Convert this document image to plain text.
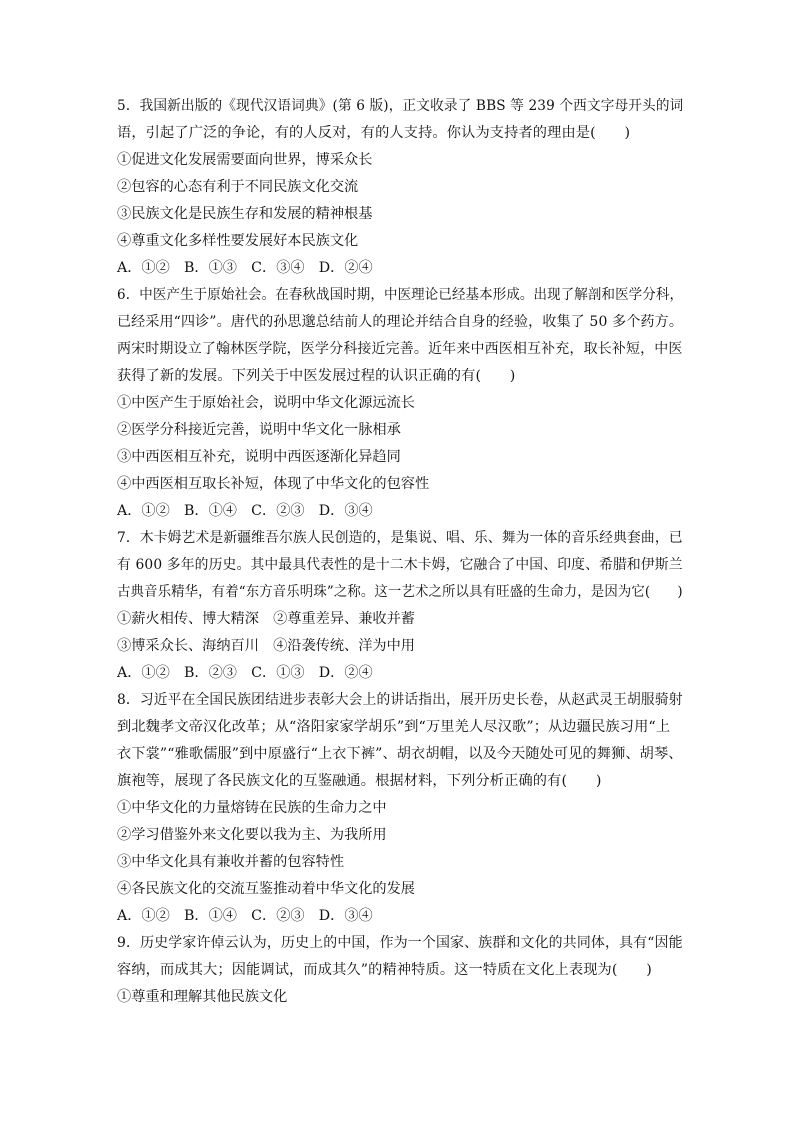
5．我国新出版的《现代汉语词典》(第 6 版)，正文收录了 BBS 等 239 个西文字母开头的词
语，引起了广泛的争论，有的人反对，有的人支持。你认为支持者的理由是(　　)
①促进文化发展需要面向世界，博采众长
②包容的心态有利于不同民族文化交流
③民族文化是民族生存和发展的精神根基
④尊重文化多样性要发展好本民族文化
A．①②　B．①③　C．③④　D．②④
6．中医产生于原始社会。在春秋战国时期，中医理论已经基本形成。出现了解剖和医学分科，
已经采用“四诊”。唐代的孙思邈总结前人的理论并结合自身的经验，收集了 50 多个药方。
两宋时期设立了翰林医学院，医学分科接近完善。近年来中西医相互补充，取长补短，中医
获得了新的发展。下列关于中医发展过程的认识正确的有(　　)
①中医产生于原始社会，说明中华文化源远流长
②医学分科接近完善，说明中华文化一脉相承
③中西医相互补充，说明中西医逐渐化异趋同
④中西医相互取长补短，体现了中华文化的包容性
A．①②　B．①④　C．②③　D．③④
7．木卡姆艺术是新疆维吾尔族人民创造的，是集说、唱、乐、舞为一体的音乐经典套曲，已
有 600 多年的历史。其中最具代表性的是十二木卡姆，它融合了中国、印度、希腊和伊斯兰
古典音乐精华，有着“东方音乐明珠”之称。这一艺术之所以具有旺盛的生命力，是因为它(　　)
①薪火相传、博大精深　②尊重差异、兼收并蓄
③博采众长、海纳百川　④沿袭传统、洋为中用
A．①②　B．②③　C．①③　D．②④
8．习近平在全国民族团结进步表彰大会上的讲话指出，展开历史长卷，从赵武灵王胡服骑射
到北魏孝文帝汉化改革；从“洛阳家家学胡乐”到“万里羌人尽汉歌”；从边疆民族习用“上
衣下裳”“雅歌儒服”到中原盛行“上衣下裤”、胡衣胡帽，以及今天随处可见的舞狮、胡琴、
旗袍等，展现了各民族文化的互鉴融通。根据材料，下列分析正确的有(　　)
①中华文化的力量熔铸在民族的生命力之中
②学习借鉴外来文化要以我为主、为我所用
③中华文化具有兼收并蓄的包容特性
④各民族文化的交流互鉴推动着中华文化的发展
A．①②　B．①④　C．②③　D．③④
9．历史学家许倬云认为，历史上的中国，作为一个国家、族群和文化的共同体，具有“因能
容纳，而成其大；因能调试，而成其久”的精神特质。这一特质在文化上表现为(　　)
①尊重和理解其他民族文化
